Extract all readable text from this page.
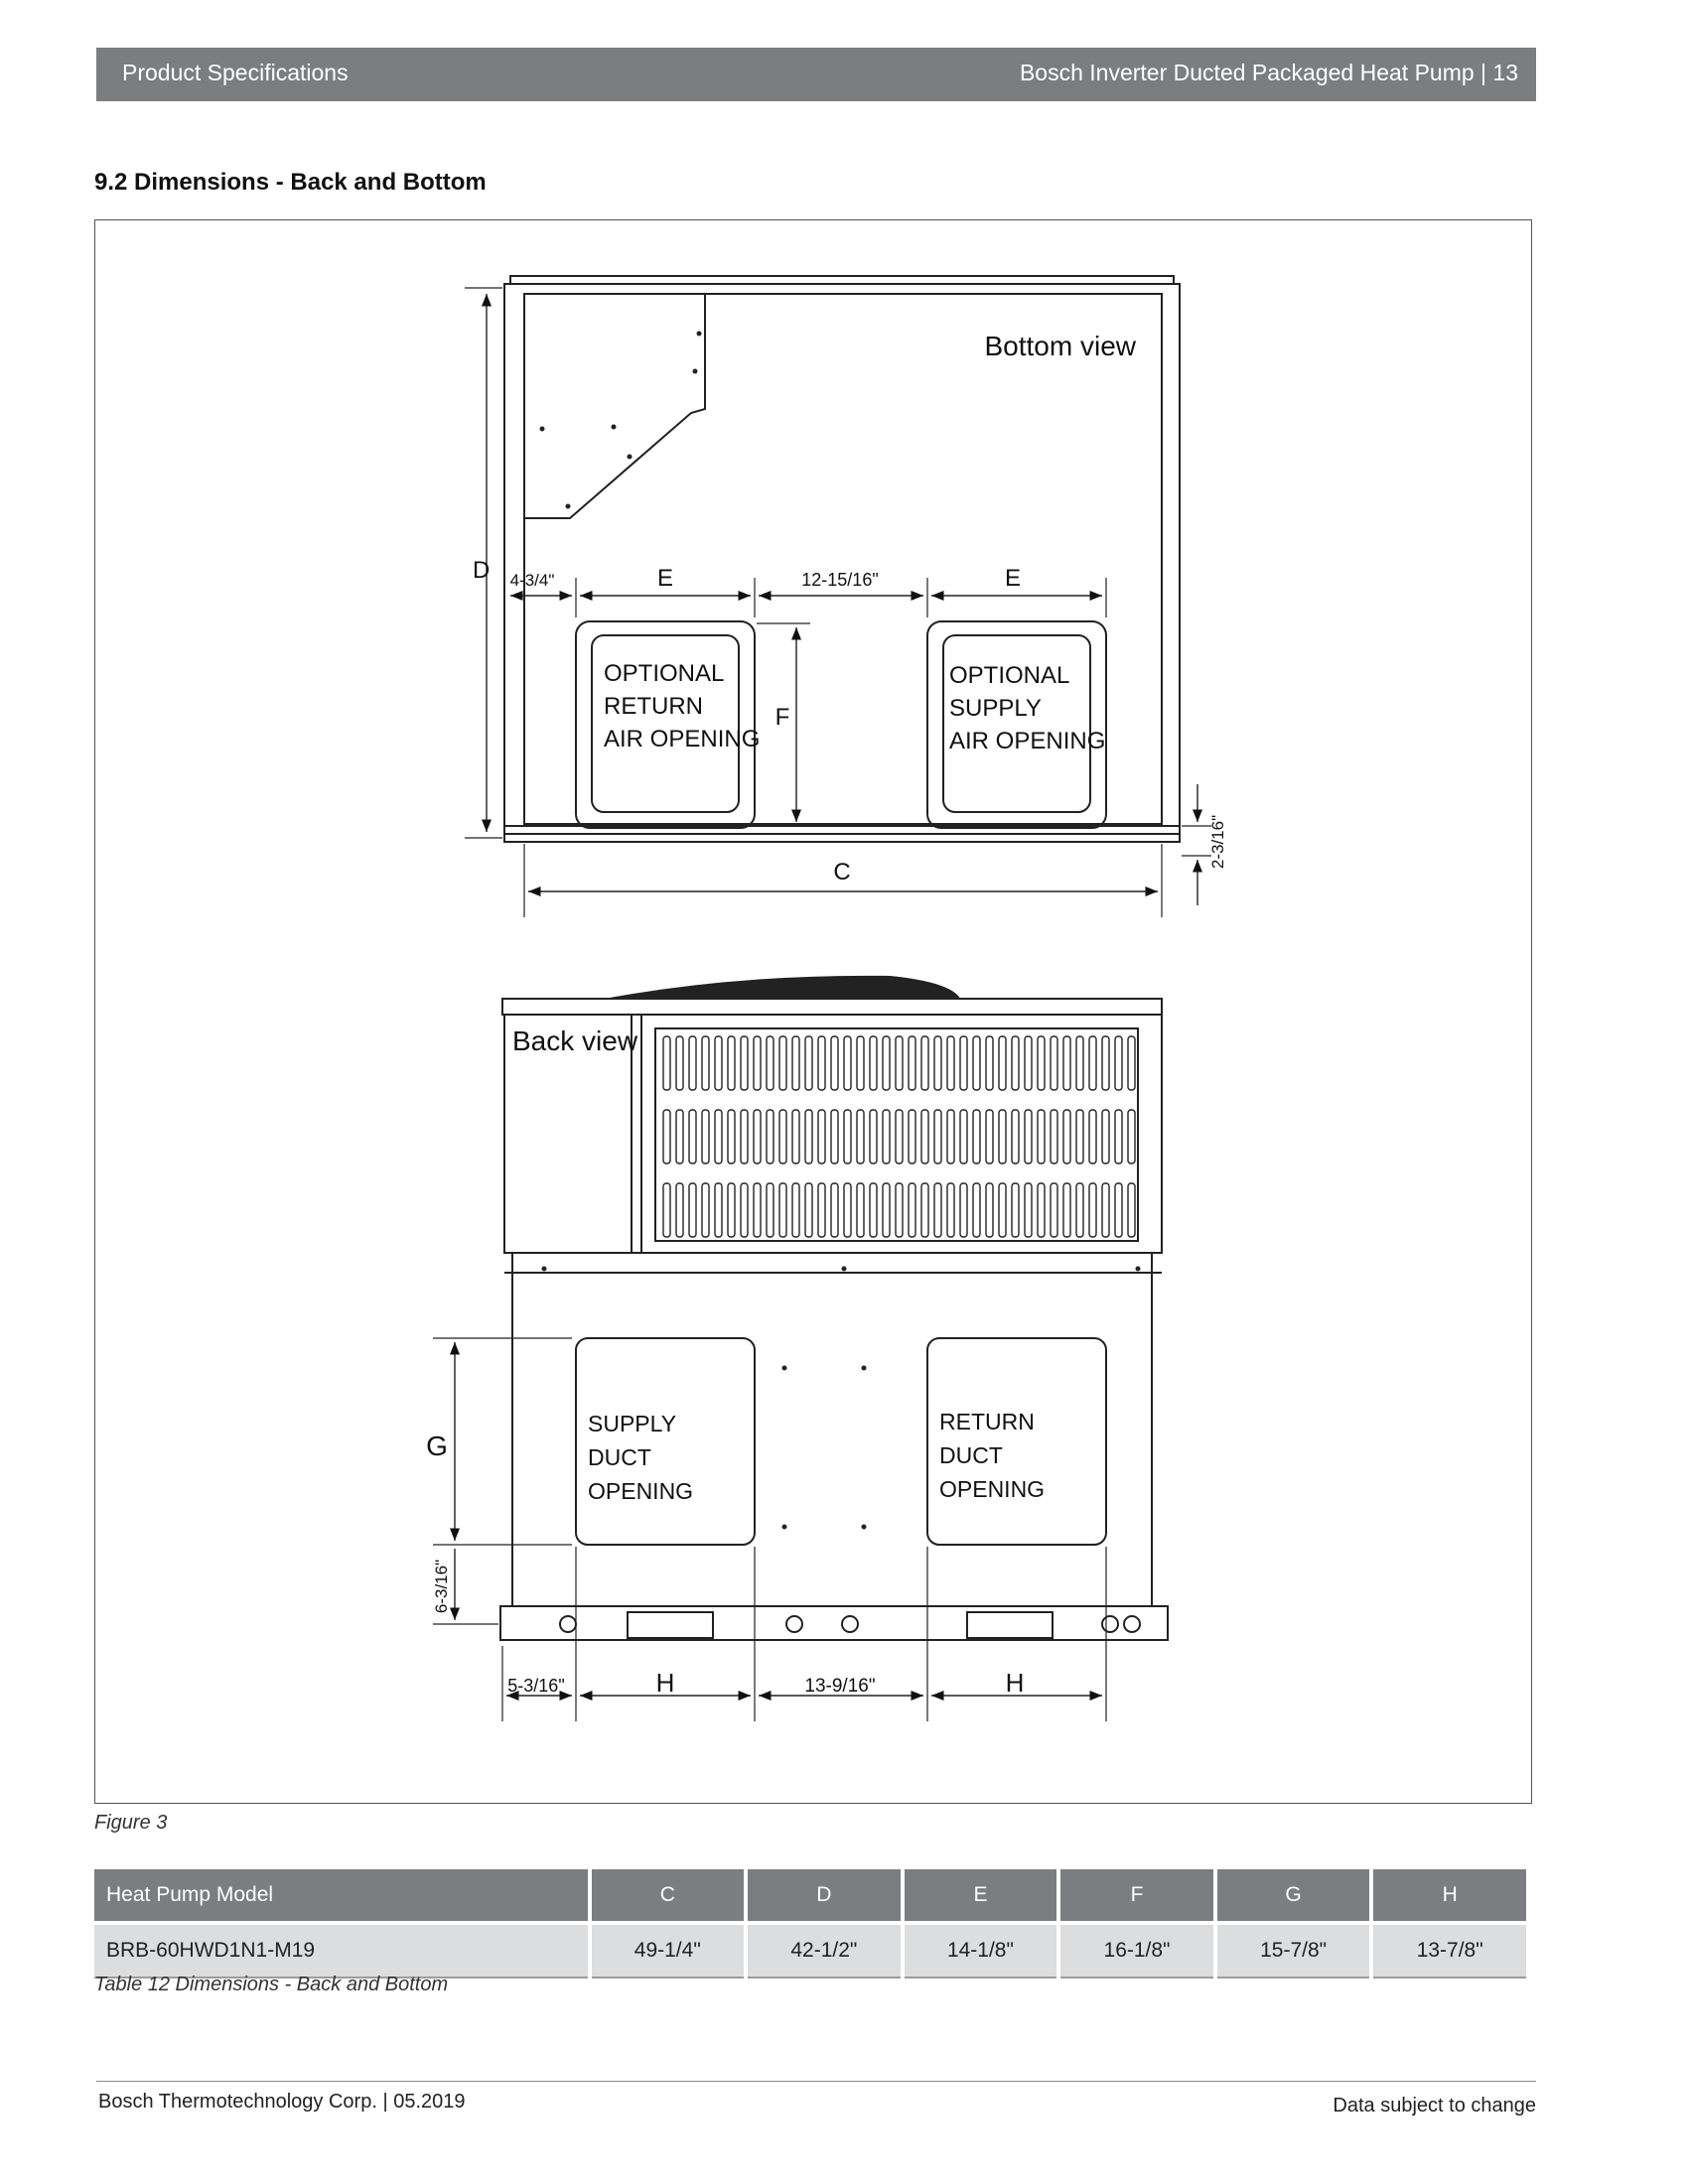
Product Specifications	Bosch Inverter Ducted Packaged Heat Pump | 13
9.2 Dimensions - Back and Bottom
Bottom view
D
C
E	E
F
4-3/4"	12-15/16"
2-3/16"
OPTIONAL
RETURN
AIR OPENING
OPTIONAL
SUPPLY
AIR OPENING
Back view
G
6-3/16"
5-3/16"	H	13-9/16"	H
SUPPLY
DUCT
OPENING
RETURN
DUCT
OPENING
Figure 3
Heat Pump Model	C	D	E	F	G	H
BRB-60HWD1N1-M19	49-1/4"	42-1/2"	14-1/8"	16-1/8"	15-7/8"	13-7/8"
Table 12 Dimensions - Back and Bottom
Bosch Thermotechnology Corp. | 05.2019	Data subject to change
